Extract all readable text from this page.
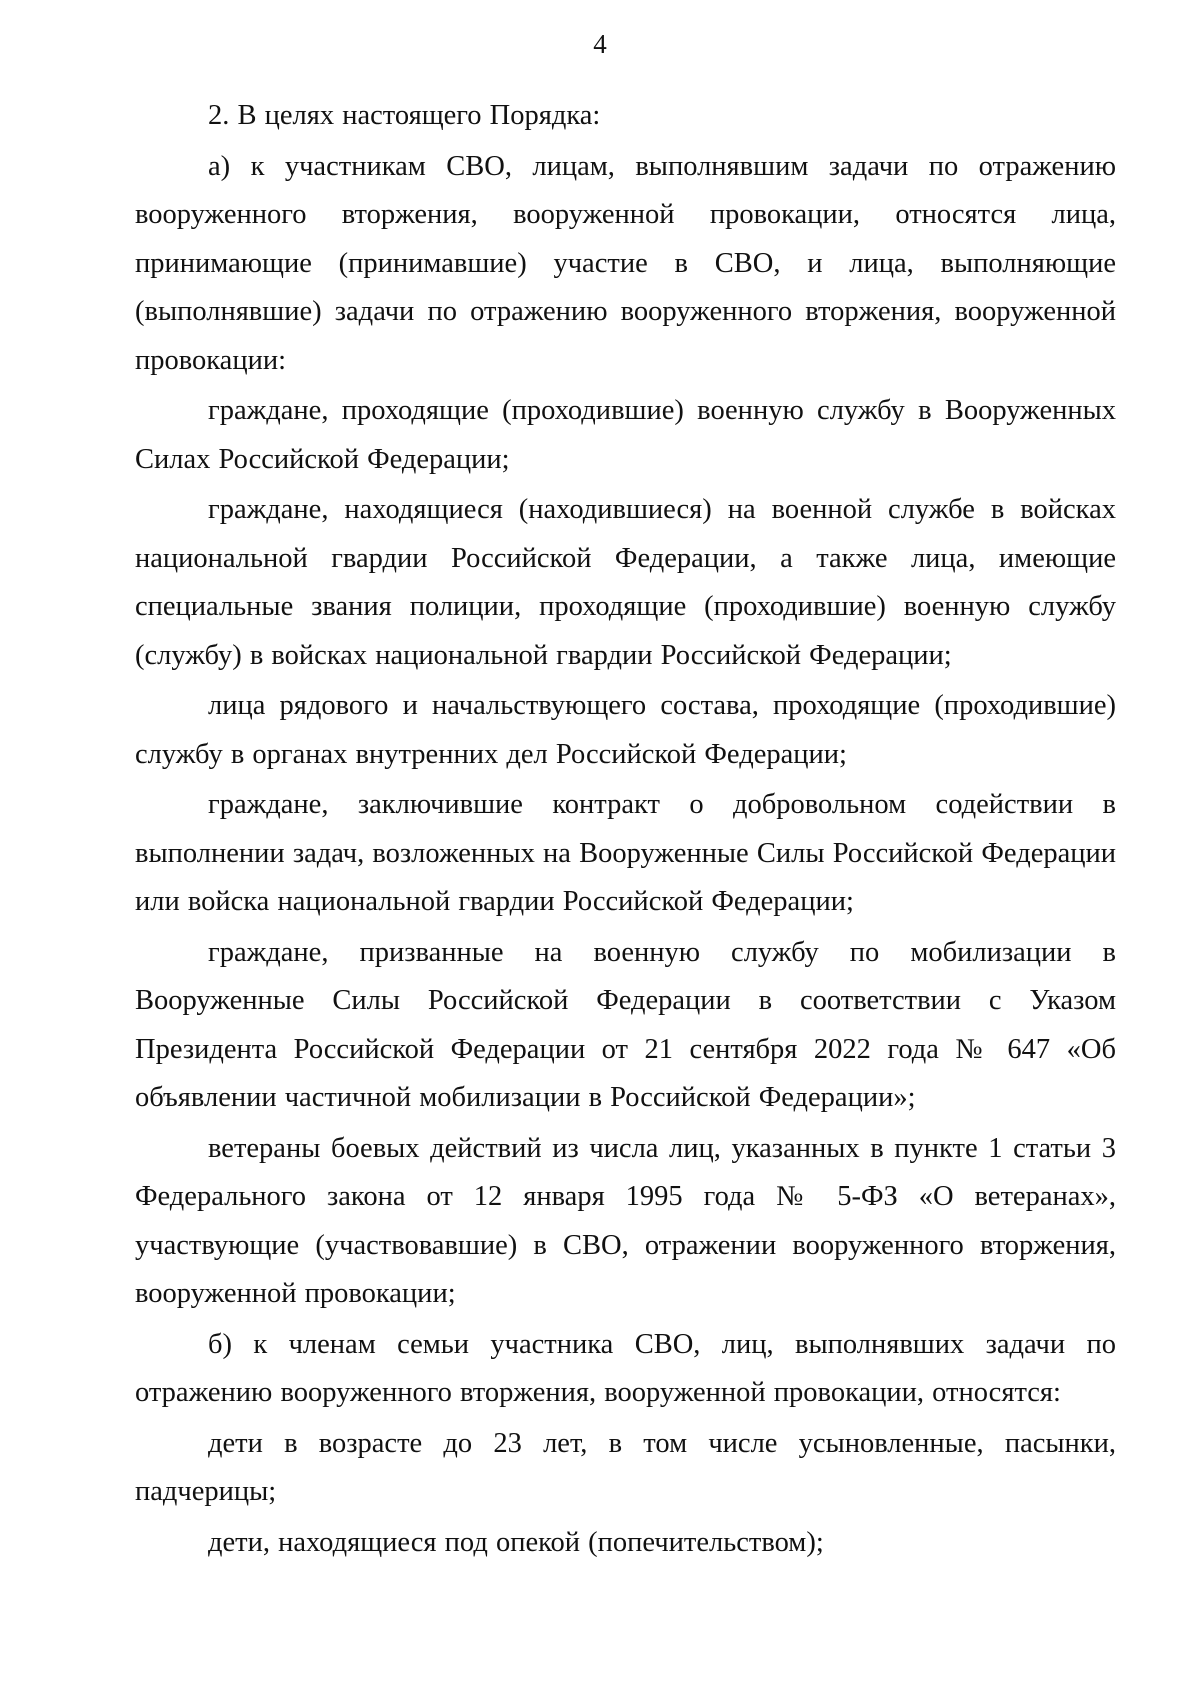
4

2. В целях настоящего Порядка:

а) к участникам СВО, лицам, выполнявшим задачи по отражению вооруженного вторжения, вооруженной провокации, относятся лица, принимающие (принимавшие) участие в СВО, и лица, выполняющие (выполнявшие) задачи по отражению вооруженного вторжения, вооруженной провокации:

граждане, проходящие (проходившие) военную службу в Вооруженных Силах Российской Федерации;

граждане, находящиеся (находившиеся) на военной службе в войсках национальной гвардии Российской Федерации, а также лица, имеющие специальные звания полиции, проходящие (проходившие) военную службу (службу) в войсках национальной гвардии Российской Федерации;

лица рядового и начальствующего состава, проходящие (проходившие) службу в органах внутренних дел Российской Федерации;

граждане, заключившие контракт о добровольном содействии в выполнении задач, возложенных на Вооруженные Силы Российской Федерации или войска национальной гвардии Российской Федерации;

граждане, призванные на военную службу по мобилизации в Вооруженные Силы Российской Федерации в соответствии с Указом Президента Российской Федерации от 21 сентября 2022 года № 647 «Об объявлении частичной мобилизации в Российской Федерации»;

ветераны боевых действий из числа лиц, указанных в пункте 1 статьи 3 Федерального закона от 12 января 1995 года № 5-ФЗ «О ветеранах», участвующие (участвовавшие) в СВО, отражении вооруженного вторжения, вооруженной провокации;

б) к членам семьи участника СВО, лиц, выполнявших задачи по отражению вооруженного вторжения, вооруженной провокации, относятся:

дети в возрасте до 23 лет, в том числе усыновленные, пасынки, падчерицы;

дети, находящиеся под опекой (попечительством);
